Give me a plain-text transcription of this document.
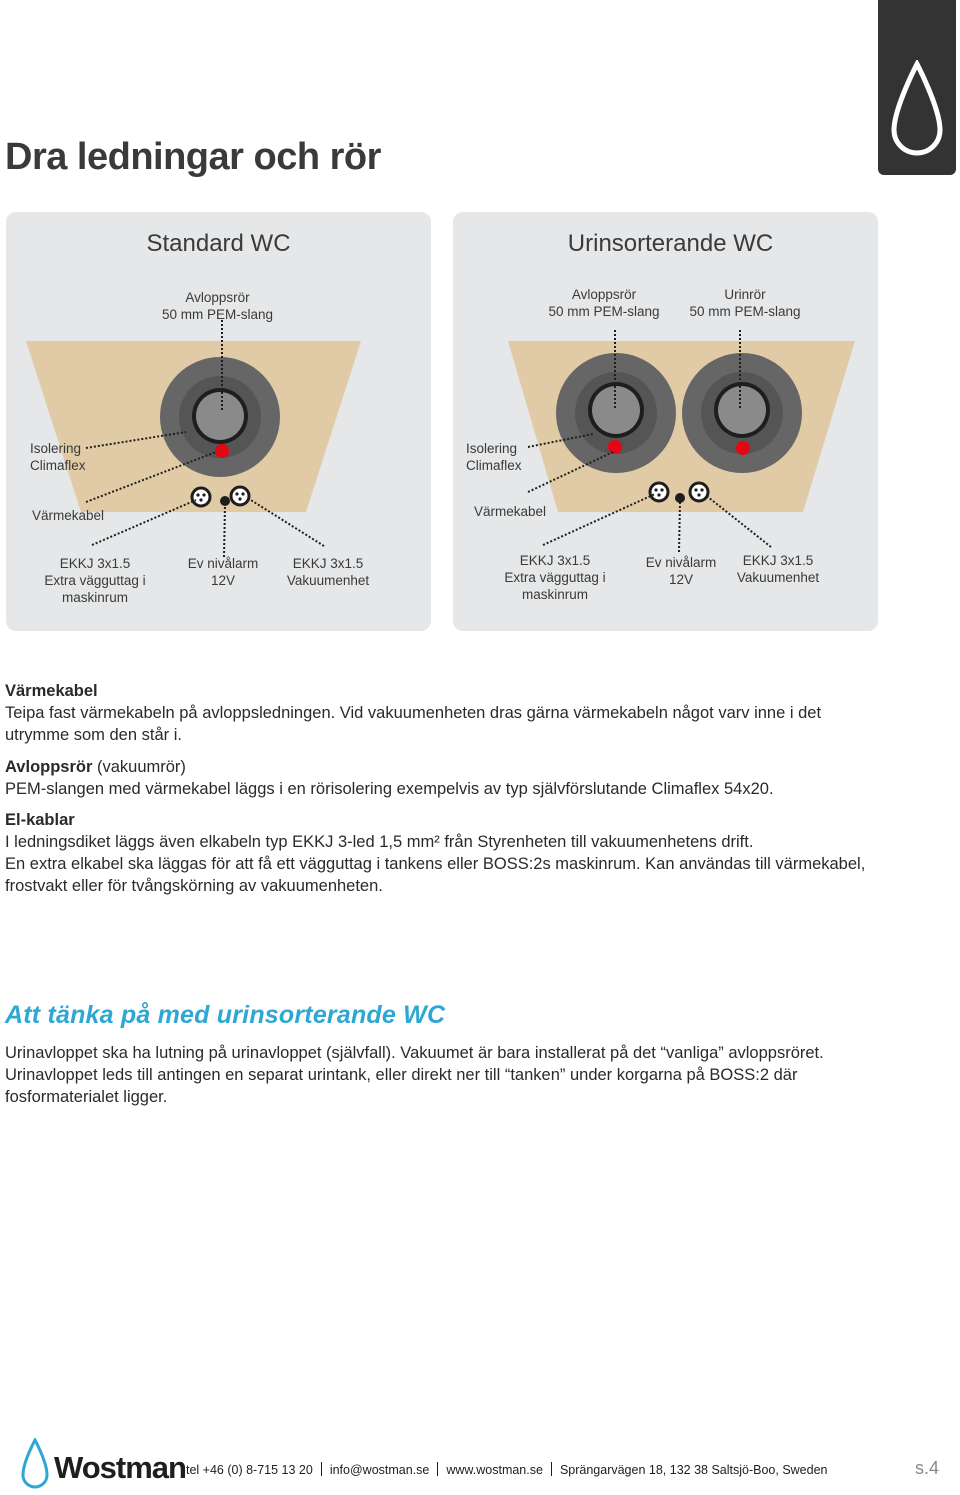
Dra ledningar och rör
Standard WC
Avloppsrör
50 mm PEM-slang
Isolering
Climaflex
Värmekabel
EKKJ 3x1.5
Extra vägguttag i
maskinrum
Ev nivålarm
12V
EKKJ 3x1.5
Vakuumenhet
Urinsorterande WC
Avloppsrör
50 mm PEM-slang
Urinrör
50 mm PEM-slang
Isolering
Climaflex
Värmekabel
EKKJ 3x1.5
Extra vägguttag i
maskinrum
Ev nivålarm
12V
EKKJ 3x1.5
Vakuumenhet
Värmekabel
Teipa fast värmekabeln på avloppsledningen. Vid vakuumenheten dras gärna värmekabeln något varv inne i det utrymme som den står i.
Avloppsrör (vakuumrör)
PEM-slangen med värmekabel läggs i en rörisolering exempelvis av typ självförslutande Climaflex 54x20.
El-kablar
I ledningsdiket läggs även elkabeln typ EKKJ 3-led 1,5 mm² från Styrenheten till vakuumenhetens drift.
En extra elkabel ska läggas för att få ett vägguttag i tankens eller BOSS:2s maskinrum. Kan användas till värmekabel, frostvakt eller för tvångskörning av vakuumenheten.
Att tänka på med urinsorterande WC
Urinavloppet ska ha lutning på urinavloppet (självfall). Vakuumet är bara installerat på det “vanliga” avloppsröret. Urinavloppet leds till antingen en separat urintank, eller direkt ner till “tanken” under korgarna på BOSS:2 där fosformaterialet ligger.
Wostman tel +46 (0) 8-715 13 20 info@wostman.se www.wostman.se Sprängarvägen 18, 132 38 Saltsjö-Boo, Sweden	s.4
